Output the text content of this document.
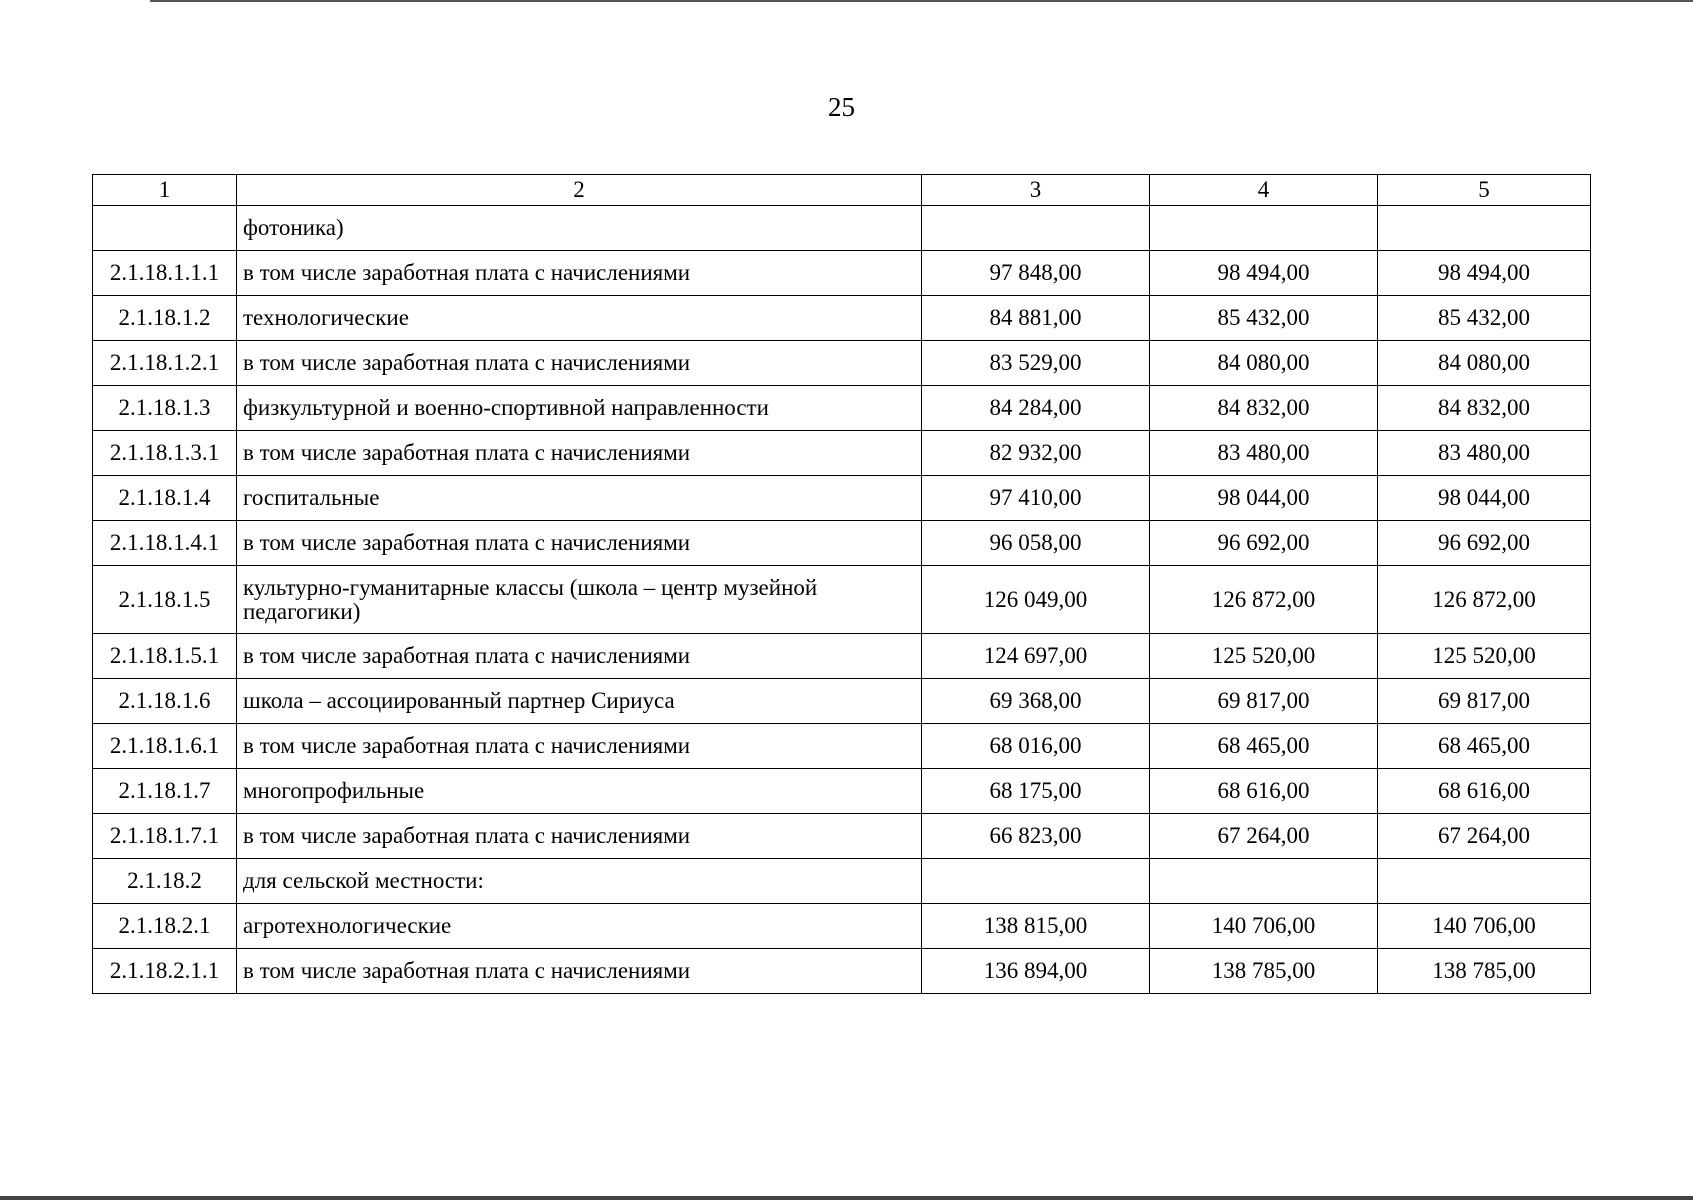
25
1	2	3	4	5
	фотоника)			
2.1.18.1.1.1	в том числе заработная плата с начислениями	97 848,00	98 494,00	98 494,00
2.1.18.1.2	технологические	84 881,00	85 432,00	85 432,00
2.1.18.1.2.1	в том числе заработная плата с начислениями	83 529,00	84 080,00	84 080,00
2.1.18.1.3	физкультурной и военно-спортивной направленности	84 284,00	84 832,00	84 832,00
2.1.18.1.3.1	в том числе заработная плата с начислениями	82 932,00	83 480,00	83 480,00
2.1.18.1.4	госпитальные	97 410,00	98 044,00	98 044,00
2.1.18.1.4.1	в том числе заработная плата с начислениями	96 058,00	96 692,00	96 692,00
2.1.18.1.5	культурно-гуманитарные классы (школа – центр музейной педагогики)	126 049,00	126 872,00	126 872,00
2.1.18.1.5.1	в том числе заработная плата с начислениями	124 697,00	125 520,00	125 520,00
2.1.18.1.6	школа – ассоциированный партнер Сириуса	69 368,00	69 817,00	69 817,00
2.1.18.1.6.1	в том числе заработная плата с начислениями	68 016,00	68 465,00	68 465,00
2.1.18.1.7	многопрофильные	68 175,00	68 616,00	68 616,00
2.1.18.1.7.1	в том числе заработная плата с начислениями	66 823,00	67 264,00	67 264,00
2.1.18.2	для сельской местности:			
2.1.18.2.1	агротехнологические	138 815,00	140 706,00	140 706,00
2.1.18.2.1.1	в том числе заработная плата с начислениями	136 894,00	138 785,00	138 785,00
